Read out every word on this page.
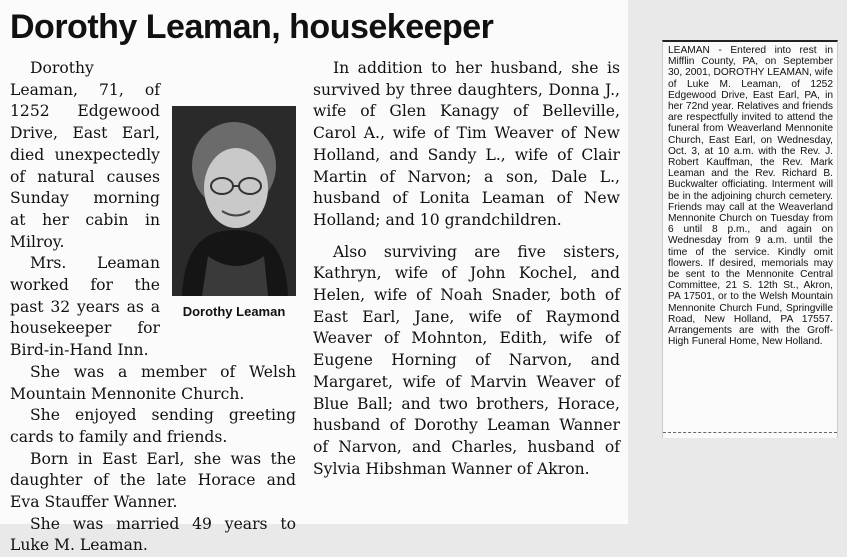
Dorothy Leaman, housekeeper
Dorothy Leaman

Dorothy Leaman, 71, of 1252 Edgewood Drive, East Earl, died unexpectedly of natural causes Sunday morning at her cabin in Milroy.

Mrs. Leaman worked for the past 32 years as a housekeeper for Bird-in-Hand Inn.

She was a member of Welsh Mountain Mennonite Church.

She enjoyed sending greeting cards to family and friends.

Born in East Earl, she was the daughter of the late Horace and Eva Stauffer Wanner.

She was married 49 years to Luke M. Leaman.

In addition to her husband, she is survived by three daughters, Donna J., wife of Glen Kanagy of Belleville, Carol A., wife of Tim Weaver of New Holland, and Sandy L., wife of Clair Martin of Narvon; a son, Dale L., husband of Lonita Leaman of New Holland; and 10 grandchildren.

Also surviving are five sisters, Kathryn, wife of John Kochel, and Helen, wife of Noah Snader, both of East Earl, Jane, wife of Raymond Weaver of Mohnton, Edith, wife of Eugene Horning of Narvon, and Margaret, wife of Marvin Weaver of Blue Ball; and two brothers, Horace, husband of Dorothy Leaman Wanner of Narvon, and Charles, husband of Sylvia Hibshman Wanner of Akron.

LEAMAN - Entered into rest in Mifflin County, PA, on September 30, 2001, DOROTHY LEAMAN, wife of Luke M. Leaman, of 1252 Edgewood Drive, East Earl, PA, in her 72nd year. Relatives and friends are respectfully invited to attend the funeral from Weaverland Mennonite Church, East Earl, on Wednesday, Oct. 3, at 10 a.m. with the Rev. J. Robert Kauffman, the Rev. Mark Leaman and the Rev. Richard B. Buckwalter officiating. Interment will be in the adjoining church cemetery. Friends may call at the Weaverland Mennonite Church on Tuesday from 6 until 8 p.m., and again on Wednesday from 9 a.m. until the time of the service. Kindly omit flowers. If desired, memorials may be sent to the Mennonite Central Committee, 21 S. 12th St., Akron, PA 17501, or to the Welsh Mountain Mennonite Church Fund, Springville Road, New Holland, PA 17557. Arrangements are with the Groff-High Funeral Home, New Holland.
